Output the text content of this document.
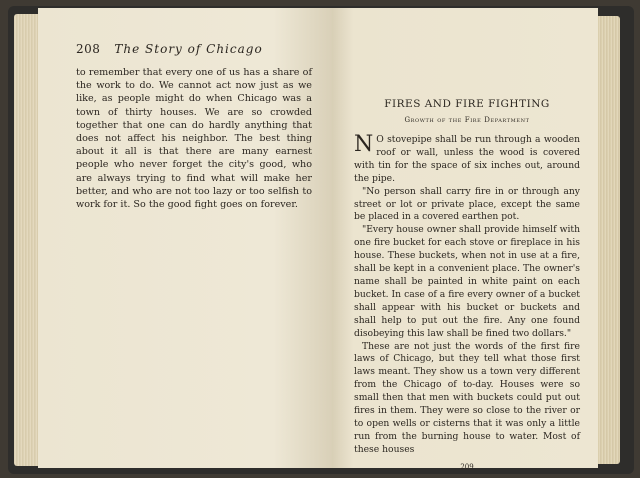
208 The Story of Chicago

to remember that every one of us has a share of the work to do. We cannot act now just as we like, as people might do when Chicago was a town of thirty houses. We are so crowded together that one can do hardly anything that does not affect his neighbor. The best thing about it all is that there are many earnest people who never forget the city's good, who are always trying to find what will make her better, and who are not too lazy or too selfish to work for it. So the good fight goes on forever.

FIRES AND FIRE FIGHTING
Growth of the Fire Department

N O stovepipe shall be run through a wooden roof or wall, unless the wood is covered with tin for the space of six inches out, around the pipe.

"No person shall carry fire in or through any street or lot or private place, except the same be placed in a covered earthen pot.

"Every house owner shall provide himself with one fire bucket for each stove or fireplace in his house. These buckets, when not in use at a fire, shall be kept in a convenient place. The owner's name shall be painted in white paint on each bucket. In case of a fire every owner of a bucket shall appear with his bucket or buckets and shall help to put out the fire. Any one found disobeying this law shall be fined two dollars."

These are not just the words of the first fire laws of Chicago, but they tell what those first laws meant. They show us a town very different from the Chicago of to-day. Houses were so small then that men with buckets could put out fires in them. They were so close to the river or to open wells or cisterns that it was only a little run from the burning house to water. Most of these houses

209
